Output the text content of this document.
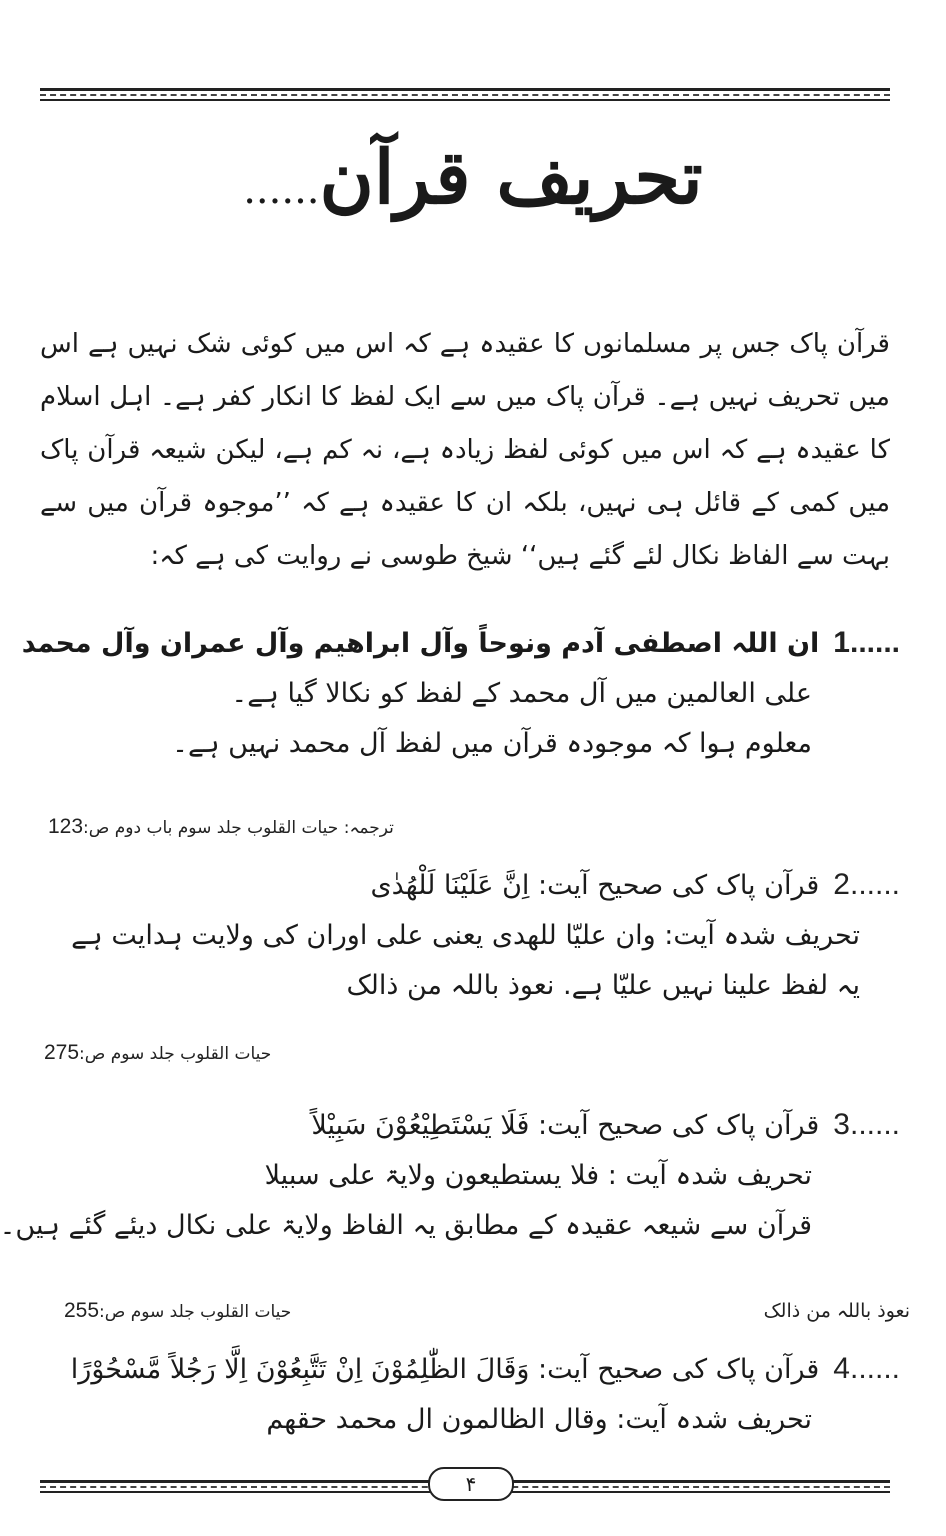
تحریف قرآن......
قرآن پاک جس پر مسلمانوں کا عقیدہ ہے کہ اس میں کوئی شک نہیں ہے اس میں تحریف نہیں ہے۔ قرآن پاک میں سے ایک لفظ کا انکار کفر ہے۔ اہل اسلام کا عقیدہ ہے کہ اس میں کوئی لفظ زیادہ ہے، نہ کم ہے، لیکن شیعہ قرآن پاک میں کمی کے قائل ہی نہیں، بلکہ ان کا عقیدہ ہے کہ ’’موجوہ قرآن میں سے بہت سے الفاظ نکال لئے گئے ہیں‘‘ شیخ طوسی نے روایت کی ہے کہ:
1......ان اللہ اصطفی آدم ونوحاً وآل ابراھیم وآل عمران وآل محمد
علی العالمین میں آل محمد کے لفظ کو نکالا گیا ہے۔
معلوم ہوا کہ موجودہ قرآن میں لفظ آل محمد نہیں ہے۔
ترجمہ: حیات القلوب جلد سوم باب دوم ص:123
2......قرآن پاک کی صحیح آیت: اِنَّ عَلَيْنَا لَلْهُدٰى
تحریف شدہ آیت: وان علیّا للھدی یعنی علی اوران کی ولایت ہدایت ہے
یہ لفظ علینا نہیں علیّا ہے. نعوذ باللہ من ذالک
حیات القلوب جلد سوم ص:275
3......قرآن پاک کی صحیح آیت: فَلَا يَسْتَطِيْعُوْنَ سَبِيْلاً
تحریف شدہ آیت : فلا یستطیعون ولایۃ علی سبیلا
قرآن سے شیعہ عقیدہ کے مطابق یہ الفاظ ولایۃ علی نکال دیئے گئے ہیں۔
نعوذ باللہ من ذالک
حیات القلوب جلد سوم ص:255
4......قرآن پاک کی صحیح آیت: وَقَالَ الظّٰلِمُوْنَ اِنْ تَتَّبِعُوْنَ اِلَّا رَجُلاً مَّسْحُوْرًا
تحریف شدہ آیت: وقال الظالمون ال محمد حقھم
۴
